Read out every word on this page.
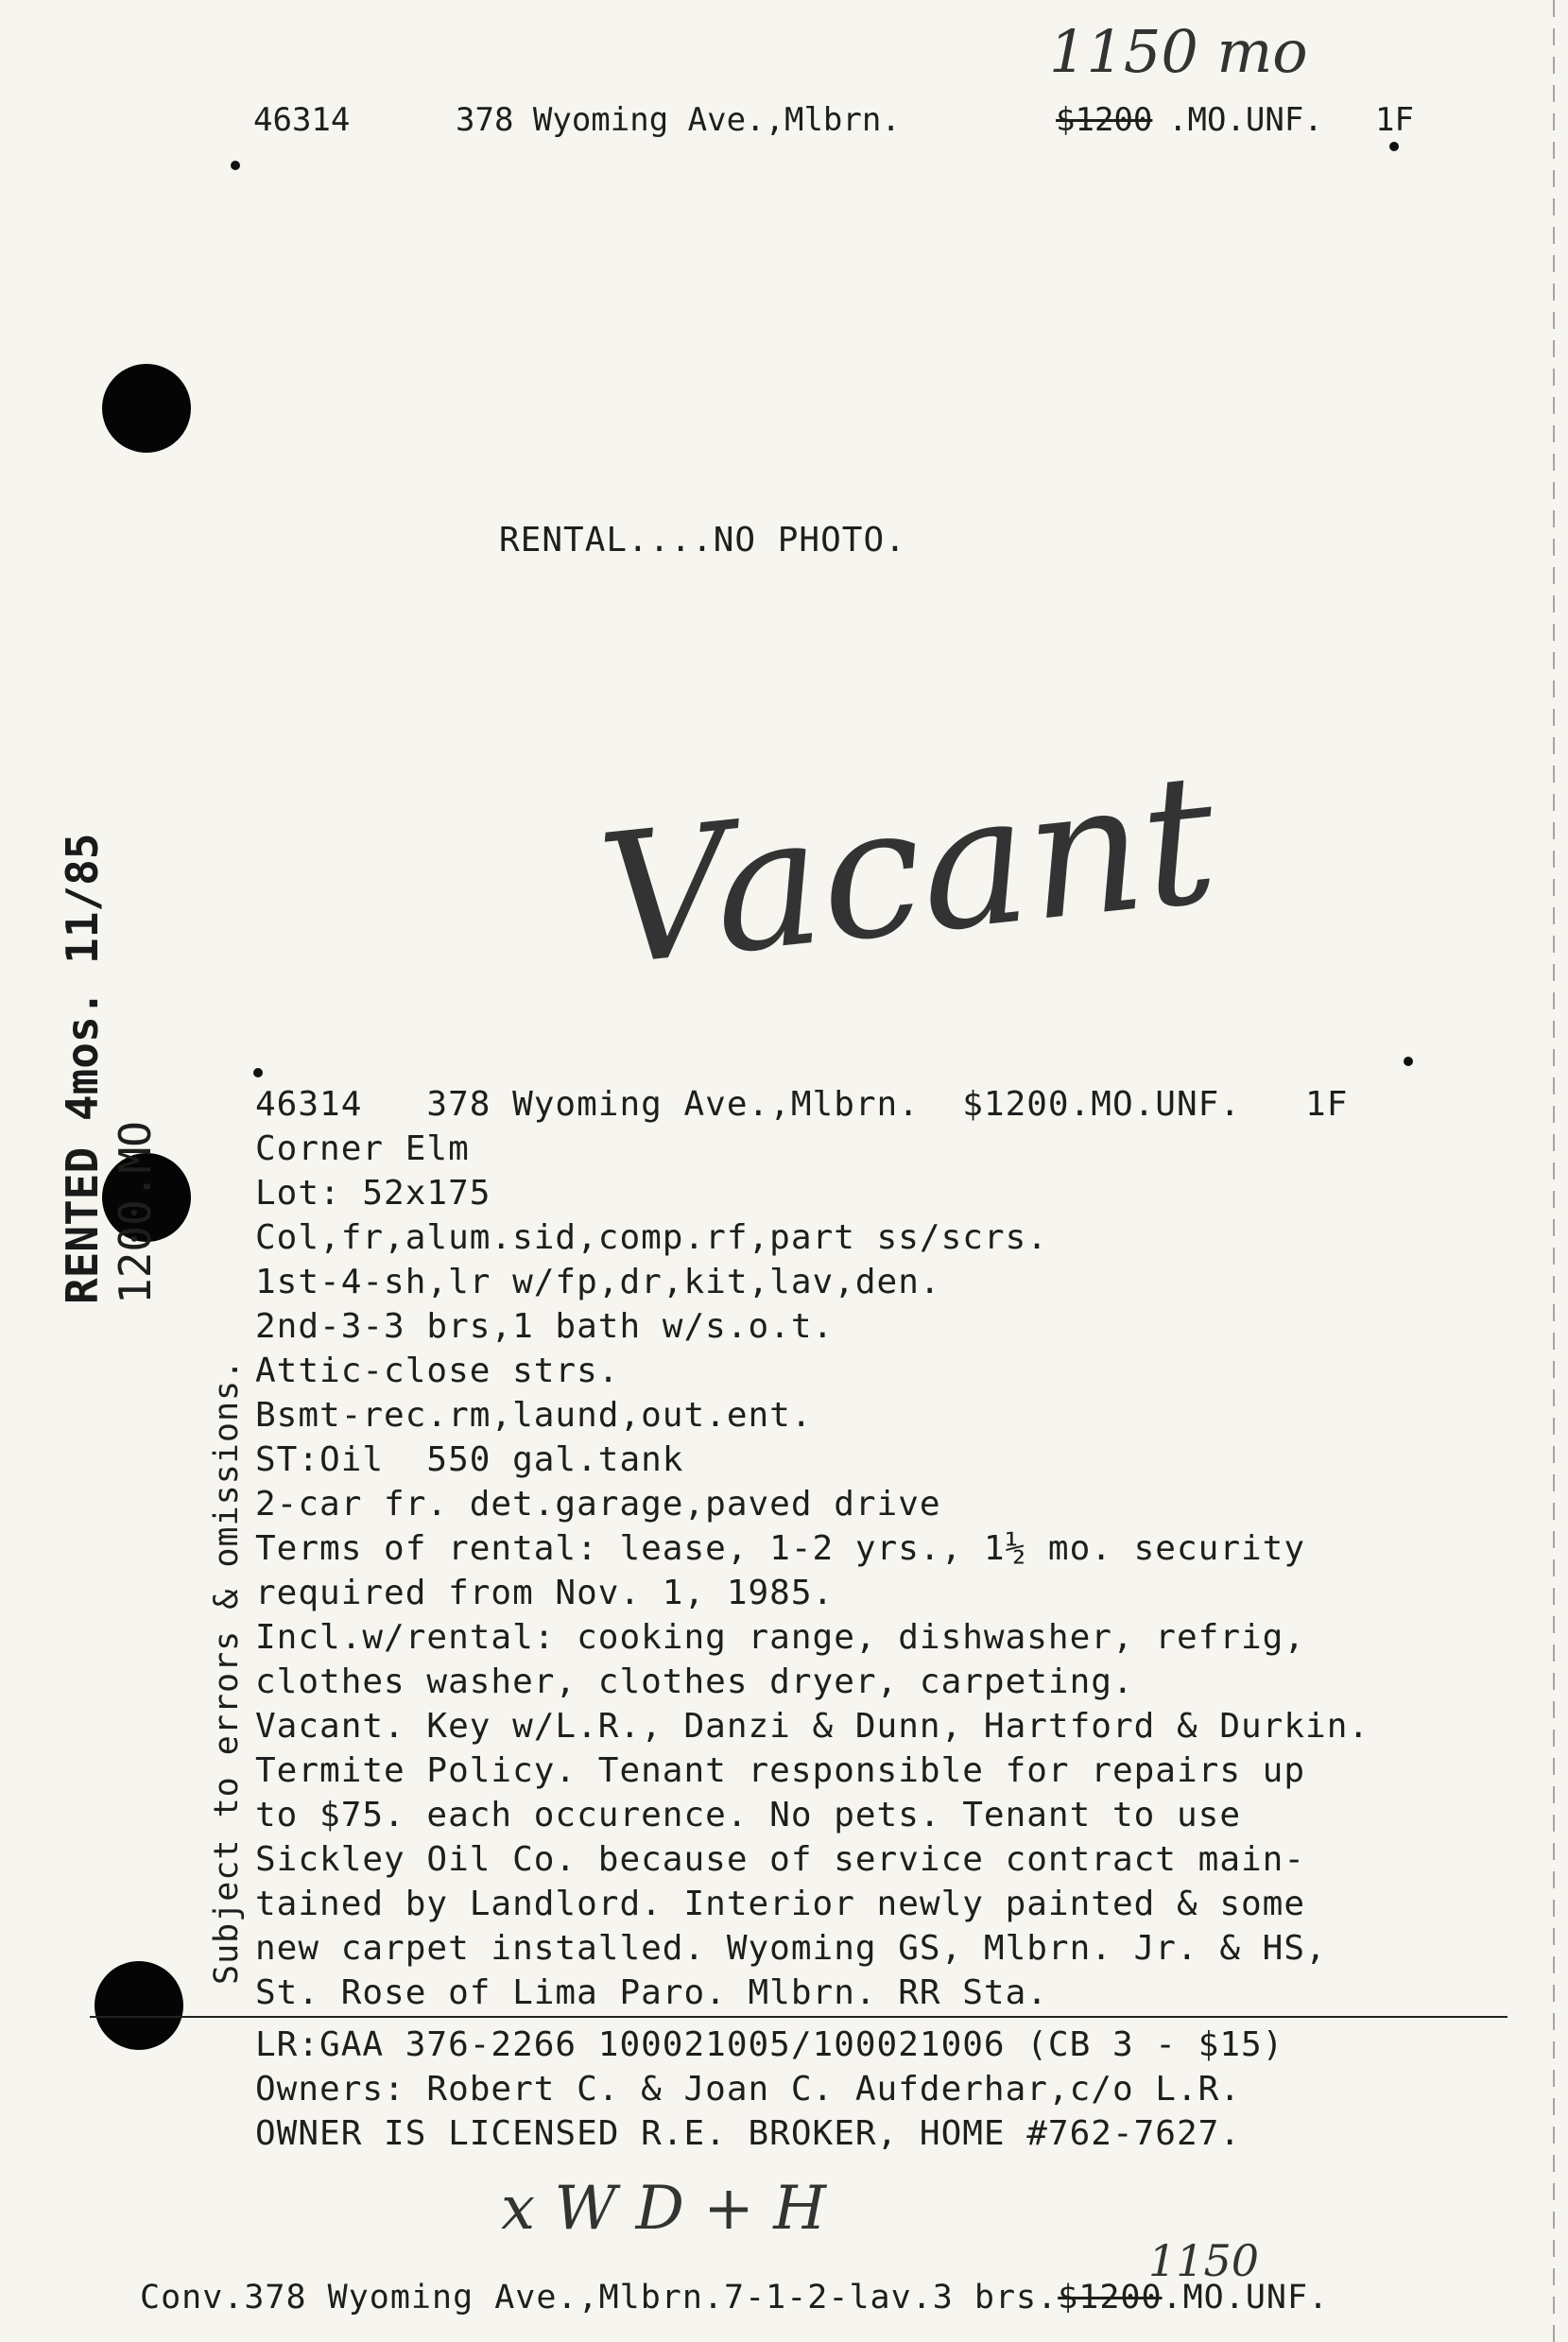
46314	378 Wyoming Ave.,Mlbrn.	$1200 .MO.UNF. 1F
1150 mo
RENTAL....NO PHOTO.
Vacant
RENTED 4mos. 11/85 1200.MO
Subject to errors & omissions.
46314   378 Wyoming Ave.,Mlbrn.  $1200.MO.UNF.   1F
Corner Elm
Lot: 52x175
Col,fr,alum.sid,comp.rf,part ss/scrs.
1st-4-sh,lr w/fp,dr,kit,lav,den.
2nd-3-3 brs,1 bath w/s.o.t.
Attic-close strs.
Bsmt-rec.rm,laund,out.ent.
ST:Oil  550 gal.tank
2-car fr. det.garage,paved drive
Terms of rental: lease, 1-2 yrs., 1½ mo. security
required from Nov. 1, 1985.
Incl.w/rental: cooking range, dishwasher, refrig,
clothes washer, clothes dryer, carpeting.
Vacant. Key w/L.R., Danzi & Dunn, Hartford & Durkin.
Termite Policy. Tenant responsible for repairs up
to $75. each occurence. No pets. Tenant to use
Sickley Oil Co. because of service contract main-
tained by Landlord. Interior newly painted & some
new carpet installed. Wyoming GS, Mlbrn. Jr. & HS,
St. Rose of Lima Paro. Mlbrn. RR Sta.
LR:GAA 376-2266 100021005/100021006 (CB 3 - $15)
Owners: Robert C. & Joan C. Aufderhar,c/o L.R.
OWNER IS LICENSED R.E. BROKER, HOME #762-7627.
x W D + H
1150
Conv.378 Wyoming Ave.,Mlbrn.7-1-2-lav.3 brs.$1200.MO.UNF.
